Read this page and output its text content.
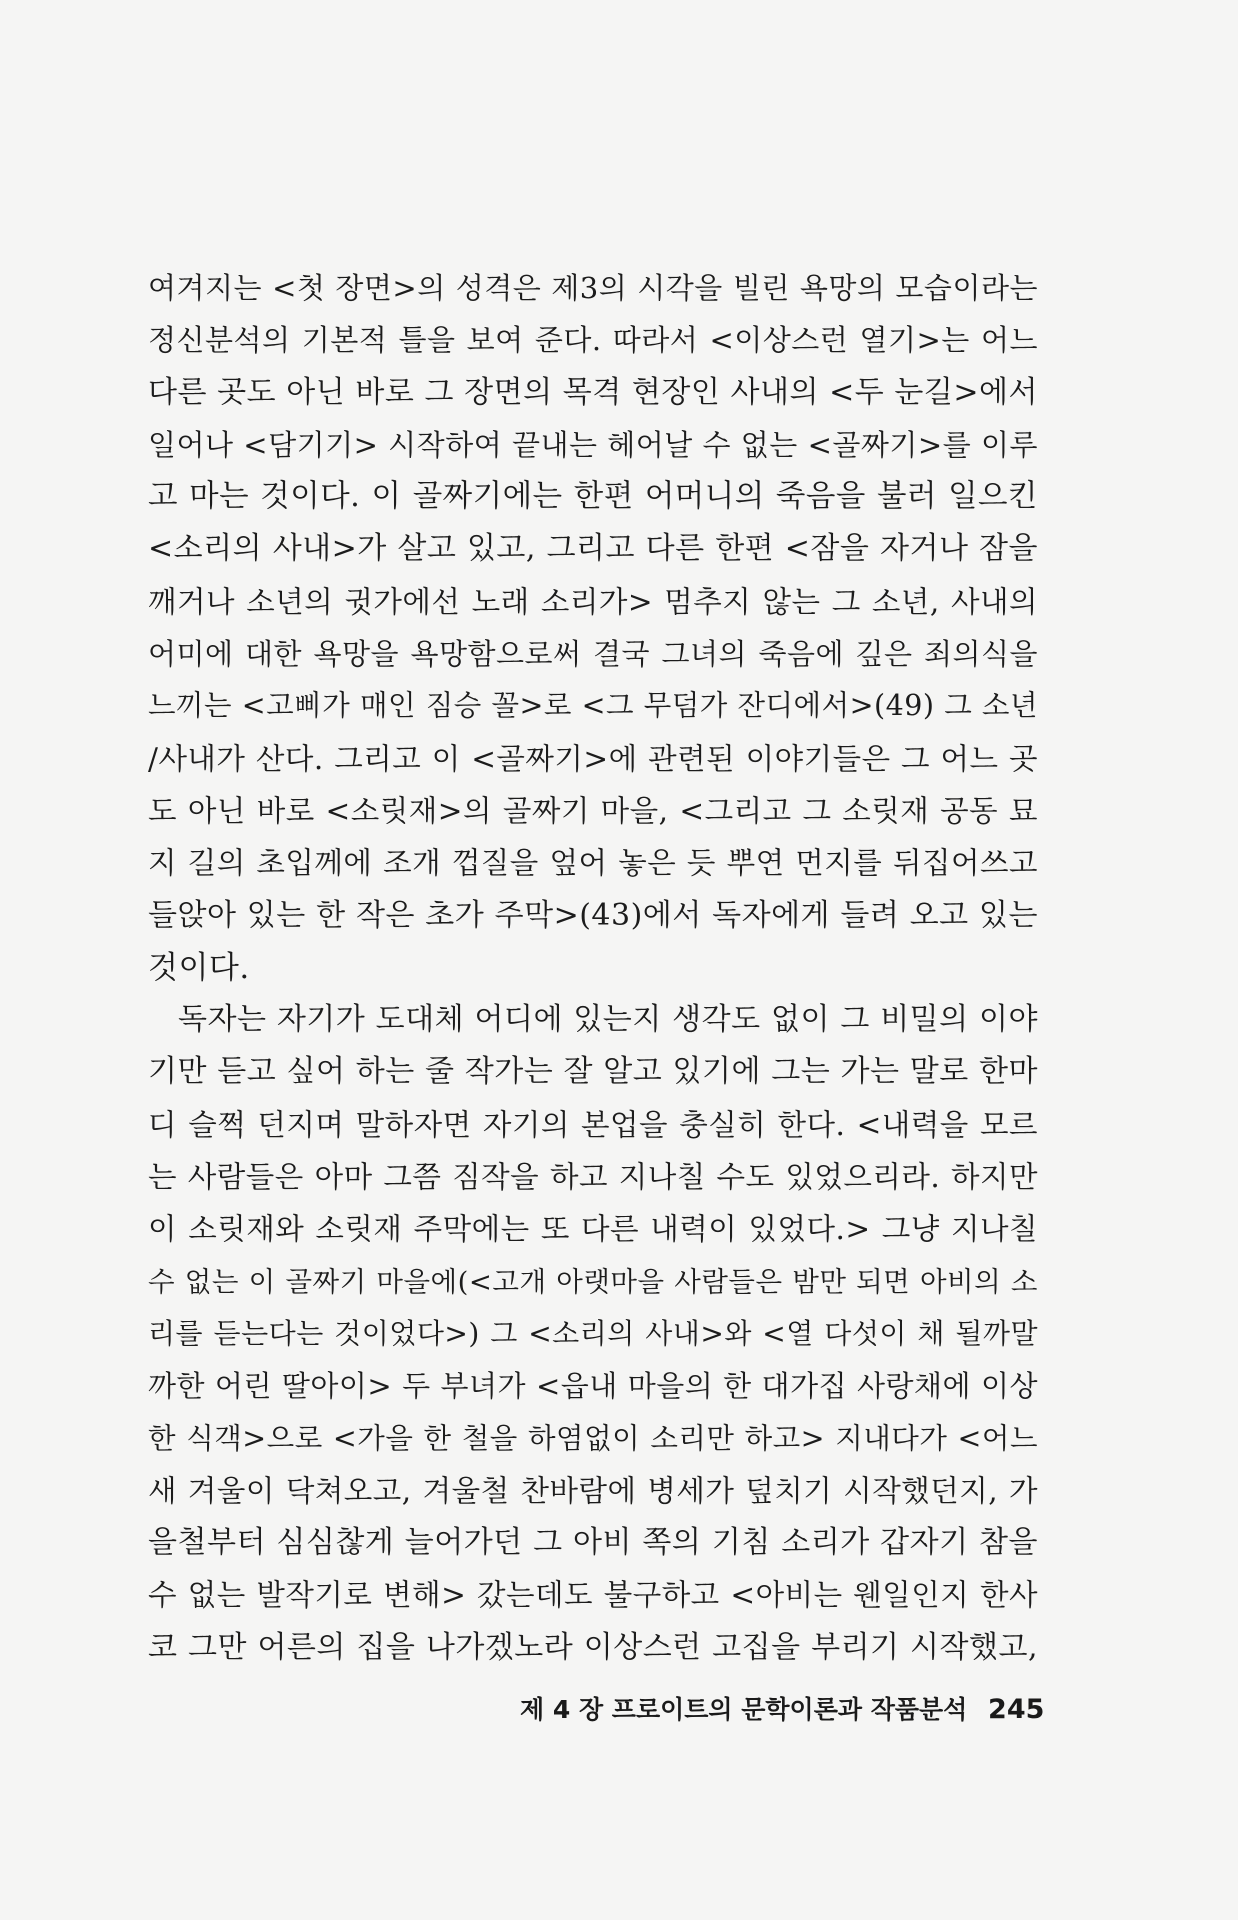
여겨지는 <첫 장면>의 성격은 제3의 시각을 빌린 욕망의 모습이라는
정신분석의 기본적 틀을 보여 준다. 따라서 <이상스런 열기>는 어느
다른 곳도 아닌 바로 그 장면의 목격 현장인 사내의 <두 눈길>에서
일어나 <담기기> 시작하여 끝내는 헤어날 수 없는 <골짜기>를 이루
고 마는 것이다. 이 골짜기에는 한편 어머니의 죽음을 불러 일으킨
<소리의 사내>가 살고 있고, 그리고 다른 한편 <잠을 자거나 잠을
깨거나 소년의 귓가에선 노래 소리가> 멈추지 않는 그 소년, 사내의
어미에 대한 욕망을 욕망함으로써 결국 그녀의 죽음에 깊은 죄의식을
느끼는 <고삐가 매인 짐승 꼴>로 <그 무덤가 잔디에서>(49) 그 소년
/사내가 산다. 그리고 이 <골짜기>에 관련된 이야기들은 그 어느 곳
도 아닌 바로 <소릿재>의 골짜기 마을, <그리고 그 소릿재 공동 묘
지 길의 초입께에 조개 껍질을 엎어 놓은 듯 뿌연 먼지를 뒤집어쓰고
들앉아 있는 한 작은 초가 주막>(43)에서 독자에게 들려 오고 있는
것이다.
독자는 자기가 도대체 어디에 있는지 생각도 없이 그 비밀의 이야
기만 듣고 싶어 하는 줄 작가는 잘 알고 있기에 그는 가는 말로 한마
디 슬쩍 던지며 말하자면 자기의 본업을 충실히 한다. <내력을 모르
는 사람들은 아마 그쯤 짐작을 하고 지나칠 수도 있었으리라. 하지만
이 소릿재와 소릿재 주막에는 또 다른 내력이 있었다.> 그냥 지나칠
수 없는 이 골짜기 마을에(<고개 아랫마을 사람들은 밤만 되면 아비의 소
리를 듣는다는 것이었다>) 그 <소리의 사내>와 <열 다섯이 채 될까말
까한 어린 딸아이> 두 부녀가 <읍내 마을의 한 대가집 사랑채에 이상
한 식객>으로 <가을 한 철을 하염없이 소리만 하고> 지내다가 <어느
새 겨울이 닥쳐오고, 겨울철 찬바람에 병세가 덮치기 시작했던지, 가
을철부터 심심찮게 늘어가던 그 아비 쪽의 기침 소리가 갑자기 참을
수 없는 발작기로 변해> 갔는데도 불구하고 <아비는 웬일인지 한사
코 그만 어른의 집을 나가겠노라 이상스런 고집을 부리기 시작했고,
제 4 장 프로이트의 문학이론과 작품분석 245
